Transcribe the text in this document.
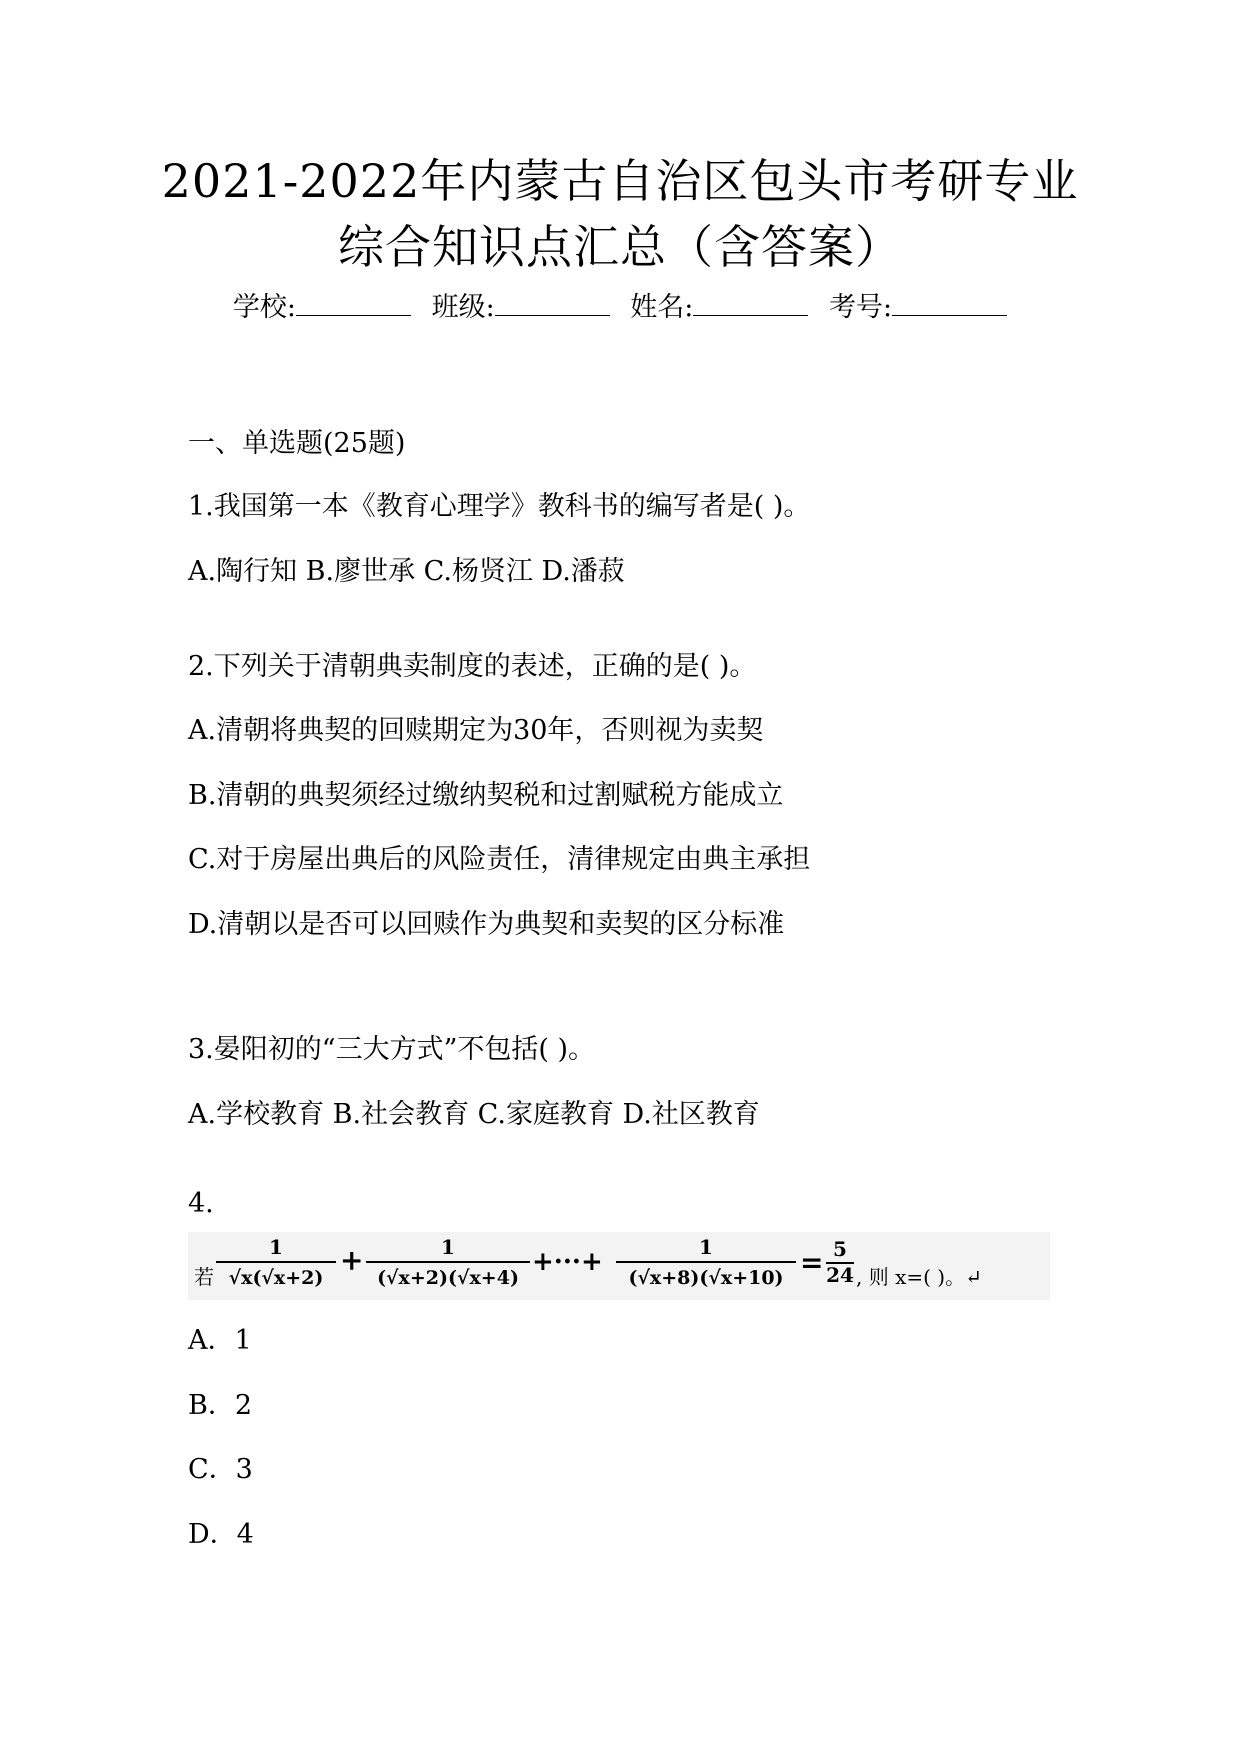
2021-2022年内蒙古自治区包头市考研专业
综合知识点汇总（含答案）
学校:	班级:	姓名:	考号:
一、单选题(25题)
1.我国第一本《教育心理学》教科书的编写者是( )。
A.陶行知 B.廖世承 C.杨贤江 D.潘菽
2.下列关于清朝典卖制度的表述，正确的是( )。
A.清朝将典契的回赎期定为30年，否则视为卖契
B.清朝的典契须经过缴纳契税和过割赋税方能成立
C.对于房屋出典后的风险责任，清律规定由典主承担
D.清朝以是否可以回赎作为典契和卖契的区分标准
3.晏阳初的“三大方式”不包括( )。
A.学校教育 B.社会教育 C.家庭教育 D.社区教育
4.
若
1
√x(√x+2)
+	1
(√x+2)(√x+4)
+···+	1
(√x+8)(√x+10) = 5
24 , 则 x=( )。↵
A．1
B．2
C．3
D．4
